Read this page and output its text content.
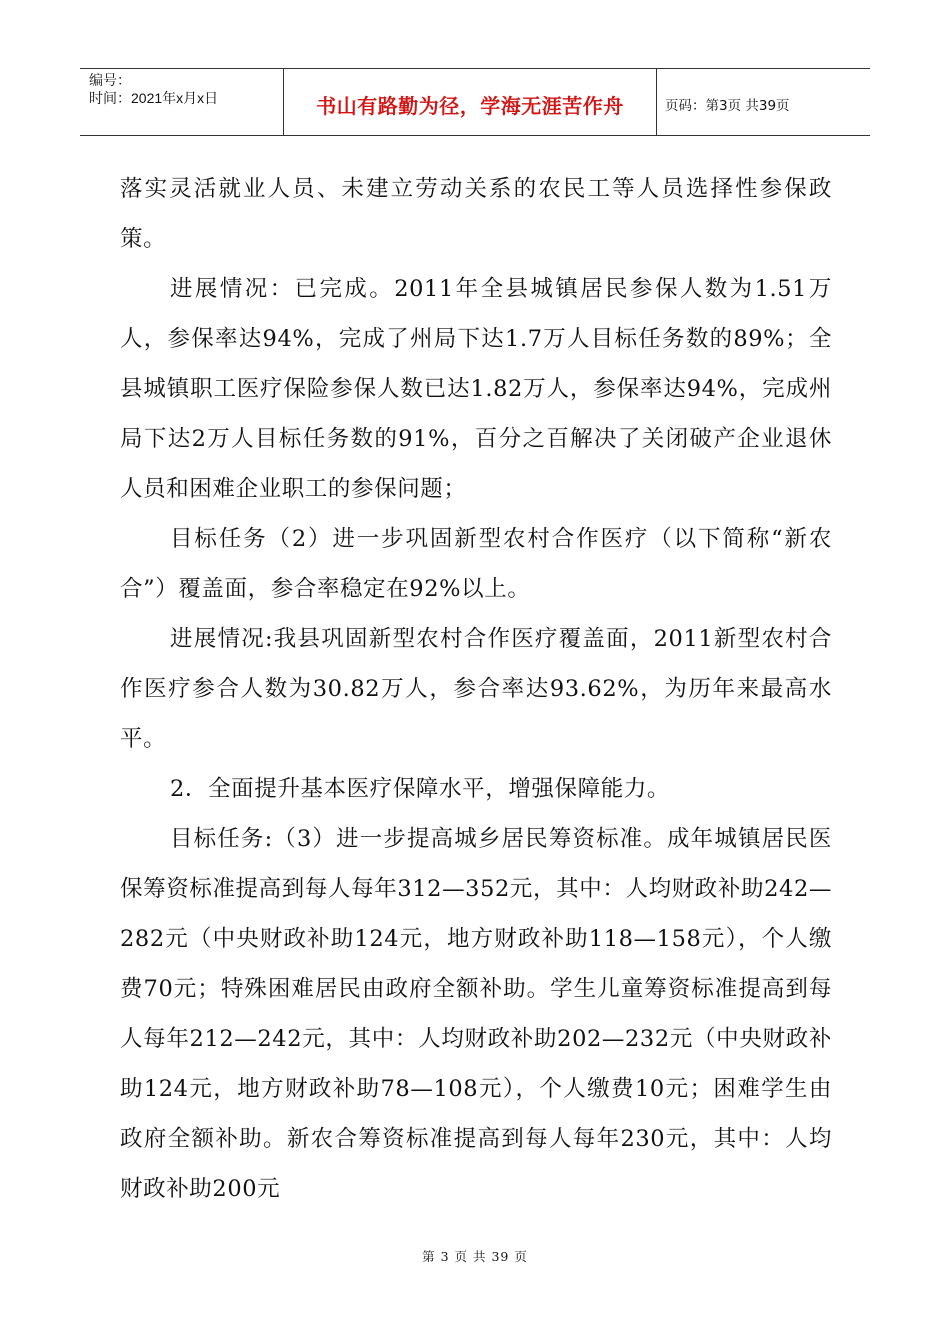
编号：
时间：2021年x月x日	书山有路勤为径，学海无涯苦作舟	页码：第3页 共39页

落实灵活就业人员、未建立劳动关系的农民工等人员选择性参保政策。

进展情况：已完成。2011年全县城镇居民参保人数为1.51万人，参保率达94%，完成了州局下达1.7万人目标任务数的89%；全县城镇职工医疗保险参保人数已达1.82万人，参保率达94%，完成州局下达2万人目标任务数的91%，百分之百解决了关闭破产企业退休人员和困难企业职工的参保问题；

目标任务（2）进一步巩固新型农村合作医疗（以下简称“新农合”）覆盖面，参合率稳定在92%以上。

进展情况:我县巩固新型农村合作医疗覆盖面，2011新型农村合作医疗参合人数为30.82万人，参合率达93.62%，为历年来最高水平。

2．全面提升基本医疗保障水平，增强保障能力。

目标任务:（3）进一步提高城乡居民筹资标准。成年城镇居民医保筹资标准提高到每人每年312—352元，其中：人均财政补助242—282元（中央财政补助124元，地方财政补助118—158元），个人缴费70元；特殊困难居民由政府全额补助。学生儿童筹资标准提高到每人每年212—242元，其中：人均财政补助202—232元（中央财政补助124元，地方财政补助78—108元），个人缴费10元；困难学生由政府全额补助。新农合筹资标准提高到每人每年230元，其中：人均财政补助200元

第 3 页 共 39 页
